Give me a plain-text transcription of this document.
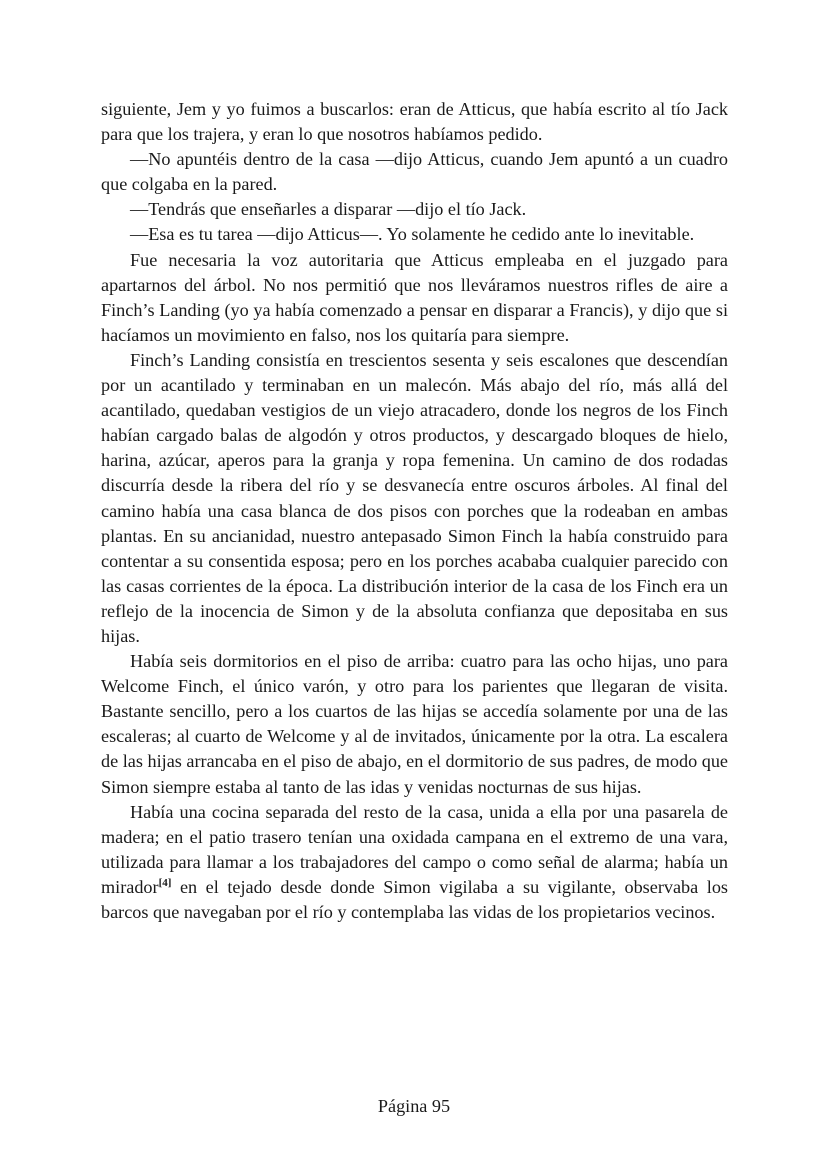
siguiente, Jem y yo fuimos a buscarlos: eran de Atticus, que había escrito al tío Jack para que los trajera, y eran lo que nosotros habíamos pedido.

—No apuntéis dentro de la casa —dijo Atticus, cuando Jem apuntó a un cuadro que colgaba en la pared.

—Tendrás que enseñarles a disparar —dijo el tío Jack.

—Esa es tu tarea —dijo Atticus—. Yo solamente he cedido ante lo inevitable.

Fue necesaria la voz autoritaria que Atticus empleaba en el juzgado para apartarnos del árbol. No nos permitió que nos lleváramos nuestros rifles de aire a Finch’s Landing (yo ya había comenzado a pensar en disparar a Francis), y dijo que si hacíamos un movimiento en falso, nos los quitaría para siempre.

Finch’s Landing consistía en trescientos sesenta y seis escalones que descendían por un acantilado y terminaban en un malecón. Más abajo del río, más allá del acantilado, quedaban vestigios de un viejo atracadero, donde los negros de los Finch habían cargado balas de algodón y otros productos, y descargado bloques de hielo, harina, azúcar, aperos para la granja y ropa femenina. Un camino de dos rodadas discurría desde la ribera del río y se desvanecía entre oscuros árboles. Al final del camino había una casa blanca de dos pisos con porches que la rodeaban en ambas plantas. En su ancianidad, nuestro antepasado Simon Finch la había construido para contentar a su consentida esposa; pero en los porches acababa cualquier parecido con las casas corrientes de la época. La distribución interior de la casa de los Finch era un reflejo de la inocencia de Simon y de la absoluta confianza que depositaba en sus hijas.

Había seis dormitorios en el piso de arriba: cuatro para las ocho hijas, uno para Welcome Finch, el único varón, y otro para los parientes que llegaran de visita. Bastante sencillo, pero a los cuartos de las hijas se accedía solamente por una de las escaleras; al cuarto de Welcome y al de invitados, únicamente por la otra. La escalera de las hijas arrancaba en el piso de abajo, en el dormitorio de sus padres, de modo que Simon siempre estaba al tanto de las idas y venidas nocturnas de sus hijas.

Había una cocina separada del resto de la casa, unida a ella por una pasarela de madera; en el patio trasero tenían una oxidada campana en el extremo de una vara, utilizada para llamar a los trabajadores del campo o como señal de alarma; había un mirador[4] en el tejado desde donde Simon vigilaba a su vigilante, observaba los barcos que navegaban por el río y contemplaba las vidas de los propietarios vecinos.

Página 95
